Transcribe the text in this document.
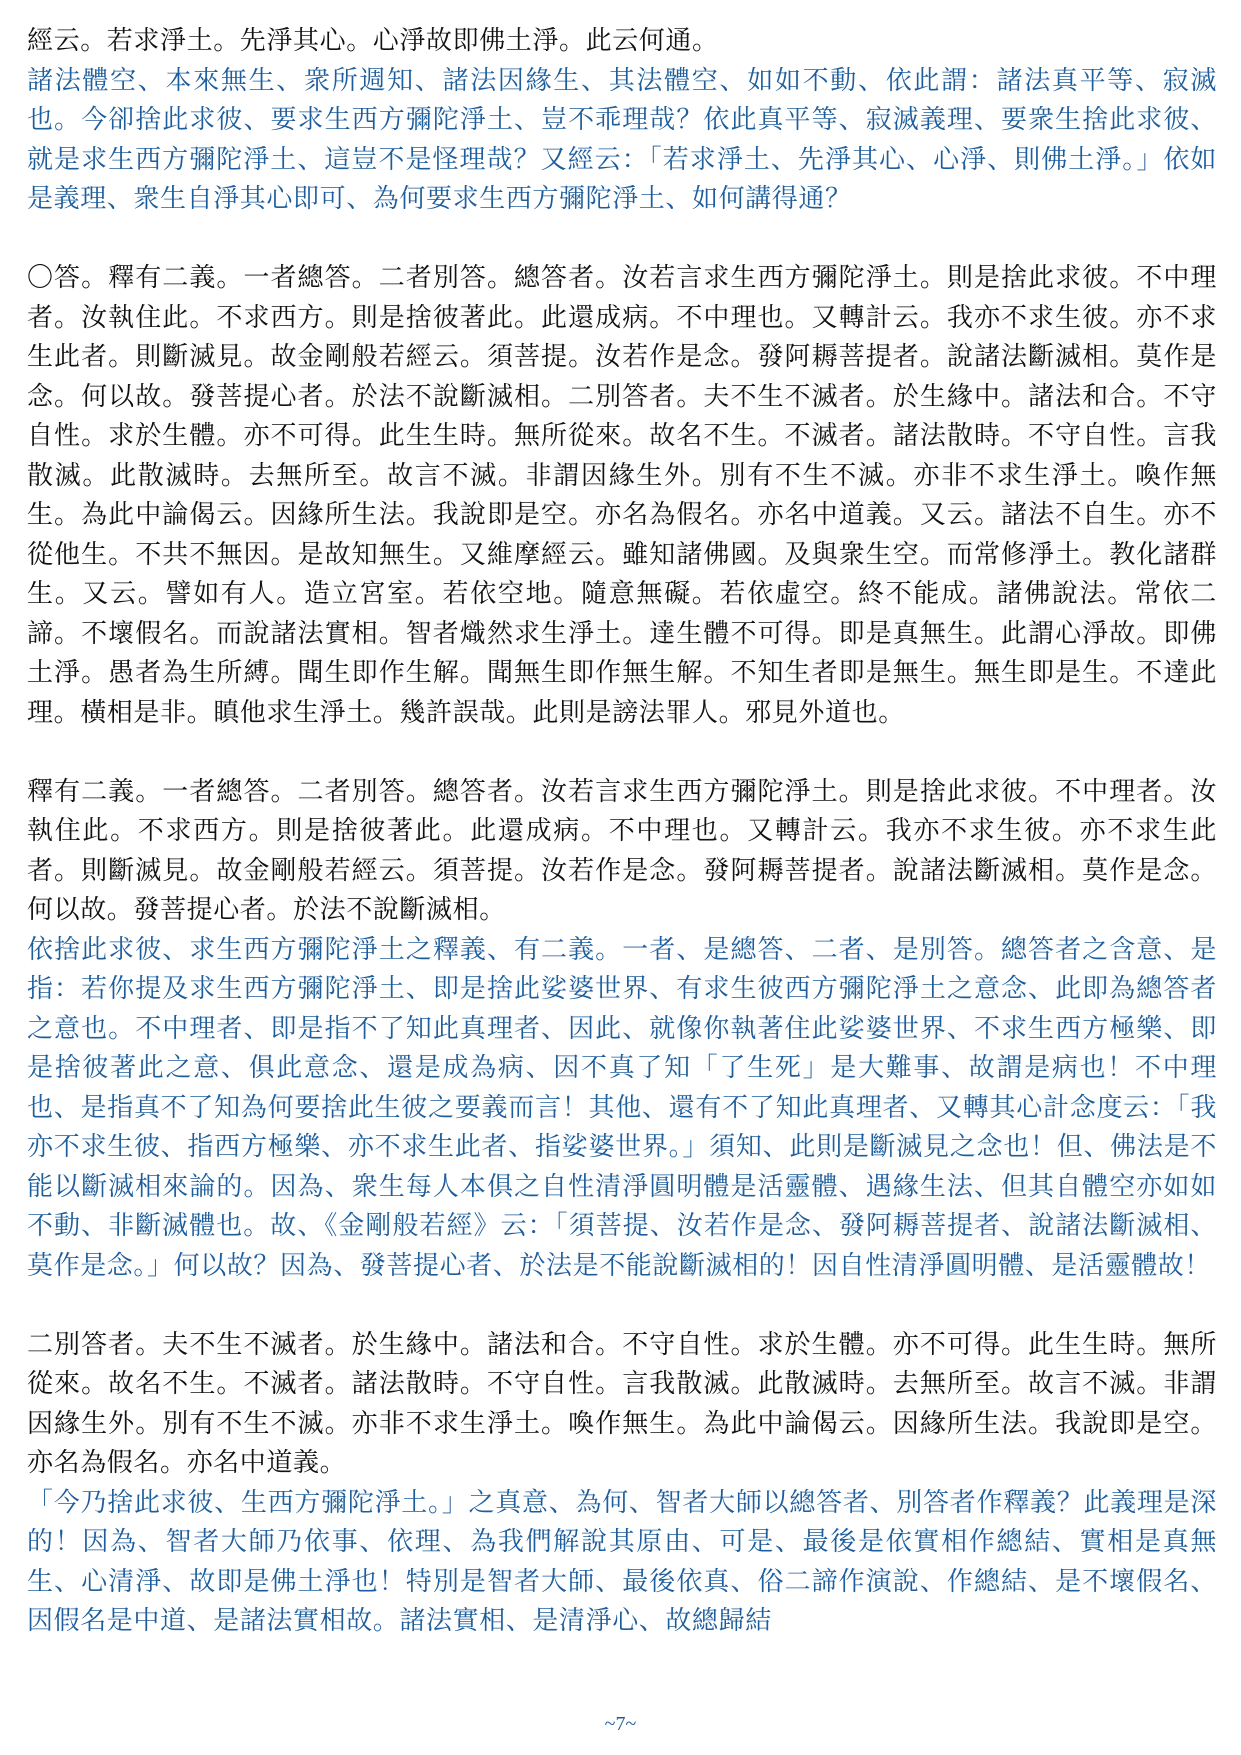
經云。若求淨土。先淨其心。心淨故即佛土淨。此云何通。

諸法體空、本來無生、衆所週知、諸法因緣生、其法體空、如如不動、依此謂：諸法真平等、寂滅也。今卻捨此求彼、要求生西方彌陀淨土、豈不乖理哉？依此真平等、寂滅義理、要衆生捨此求彼、就是求生西方彌陀淨土、這豈不是怪理哉？又經云：「若求淨土、先淨其心、心淨、則佛土淨。」依如是義理、衆生自淨其心即可、為何要求生西方彌陀淨土、如何講得通？

〇答。釋有二義。一者總答。二者別答。總答者。汝若言求生西方彌陀淨土。則是捨此求彼。不中理者。汝執住此。不求西方。則是捨彼著此。此還成病。不中理也。又轉計云。我亦不求生彼。亦不求生此者。則斷滅見。故金剛般若經云。須菩提。汝若作是念。發阿耨菩提者。說諸法斷滅相。莫作是念。何以故。發菩提心者。於法不說斷滅相。二別答者。夫不生不滅者。於生緣中。諸法和合。不守自性。求於生體。亦不可得。此生生時。無所從來。故名不生。不滅者。諸法散時。不守自性。言我散滅。此散滅時。去無所至。故言不滅。非謂因緣生外。別有不生不滅。亦非不求生淨土。喚作無生。為此中論偈云。因緣所生法。我說即是空。亦名為假名。亦名中道義。又云。諸法不自生。亦不從他生。不共不無因。是故知無生。又維摩經云。雖知諸佛國。及與衆生空。而常修淨土。教化諸群生。又云。譬如有人。造立宮室。若依空地。隨意無礙。若依虛空。終不能成。諸佛說法。常依二諦。不壞假名。而說諸法實相。智者熾然求生淨土。達生體不可得。即是真無生。此謂心淨故。即佛土淨。愚者為生所縛。聞生即作生解。聞無生即作無生解。不知生者即是無生。無生即是生。不達此理。橫相是非。瞋他求生淨土。幾許誤哉。此則是謗法罪人。邪見外道也。

釋有二義。一者總答。二者別答。總答者。汝若言求生西方彌陀淨土。則是捨此求彼。不中理者。汝執住此。不求西方。則是捨彼著此。此還成病。不中理也。又轉計云。我亦不求生彼。亦不求生此者。則斷滅見。故金剛般若經云。須菩提。汝若作是念。發阿耨菩提者。說諸法斷滅相。莫作是念。何以故。發菩提心者。於法不說斷滅相。

依捨此求彼、求生西方彌陀淨土之釋義、有二義。一者、是總答、二者、是別答。總答者之含意、是指：若你提及求生西方彌陀淨土、即是捨此娑婆世界、有求生彼西方彌陀淨土之意念、此即為總答者之意也。不中理者、即是指不了知此真理者、因此、就像你執著住此娑婆世界、不求生西方極樂、即是捨彼著此之意、俱此意念、還是成為病、因不真了知「了生死」是大難事、故謂是病也！不中理也、是指真不了知為何要捨此生彼之要義而言！其他、還有不了知此真理者、又轉其心計念度云：「我亦不求生彼、指西方極樂、亦不求生此者、指娑婆世界。」須知、此則是斷滅見之念也！但、佛法是不能以斷滅相來論的。因為、衆生每人本俱之自性清淨圓明體是活靈體、遇緣生法、但其自體空亦如如不動、非斷滅體也。故、《金剛般若經》云：「須菩提、汝若作是念、發阿耨菩提者、說諸法斷滅相、莫作是念。」何以故？因為、發菩提心者、於法是不能說斷滅相的！因自性清淨圓明體、是活靈體故！

二別答者。夫不生不滅者。於生緣中。諸法和合。不守自性。求於生體。亦不可得。此生生時。無所從來。故名不生。不滅者。諸法散時。不守自性。言我散滅。此散滅時。去無所至。故言不滅。非謂因緣生外。別有不生不滅。亦非不求生淨土。喚作無生。為此中論偈云。因緣所生法。我說即是空。亦名為假名。亦名中道義。

「今乃捨此求彼、生西方彌陀淨土。」之真意、為何、智者大師以總答者、別答者作釋義？此義理是深的！因為、智者大師乃依事、依理、為我們解說其原由、可是、最後是依實相作總結、實相是真無生、心清淨、故即是佛土淨也！特別是智者大師、最後依真、俗二諦作演說、作總結、是不壞假名、因假名是中道、是諸法實相故。諸法實相、是清淨心、故總歸結

~7~
